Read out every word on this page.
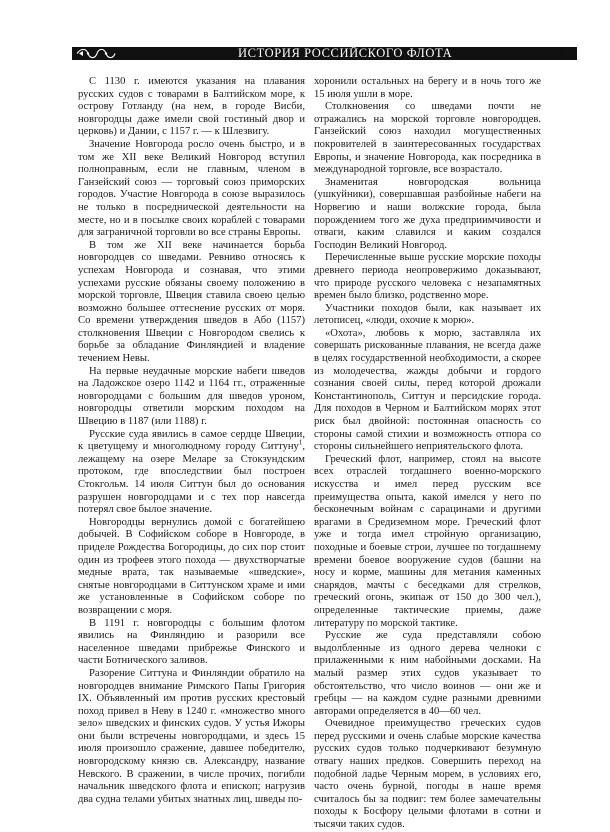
ИСТОРИЯ РОССИЙСКОГО ФЛОТА	10

С 1130 г. имеются указания на плавания русских судов с товарами в Балтийском море, к острову Готланду (на нем, в городе Висби, новгородцы даже имели свой гостиный двор и церковь) и Дании, с 1157 г. — к Шлезвигу.

Значение Новгорода росло очень быстро, и в том же XII веке Великий Новгород вступил полноправным, если не главным, членом в Ганзейский союз — торговый союз приморских городов. Участие Новгорода в союзе выразилось не только в посреднической деятельности на месте, но и в посылке своих кораблей с товарами для заграничной торговли во все страны Европы.

В том же XII веке начинается борьба новгородцев со шведами. Ревниво относясь к успехам Новгорода и сознавая, что этими успехами русские обязаны своему положению в морской торговле, Швеция ставила своею целью возможно большее оттеснение русских от моря. Со времени утверждения шведов в Або (1157) столкновения Швеции с Новгородом свелись к борьбе за обладание Финляндией и владение течением Невы.

На первые неудачные морские набеги шведов на Ладожское озеро 1142 и 1164 гг., отраженные новгородцами с большим для шведов уроном, новгородцы ответили морским походом на Швецию в 1187 (или 1188) г.

Русские суда явились в самое сердце Швеции, к цветущему и многолюдному городу Ситтуну$^1$, лежащему на озере Меларе за Стокзундским протоком, где впоследствии был построен Стокгольм. 14 июля Ситтун был до основания разрушен новгородцами и с тех пор навсегда потерял свое былое значение.

Новгородцы вернулись домой с богатейшею добычей. В Софийском соборе в Новгороде, в приделе Рождества Богородицы, до сих пор стоит один из трофеев этого похода — двухстворчатые медные врата, так называемые «шведские», снятые новгородцами в Ситтунском храме и ими же установленные в Софийском соборе по возвращении с моря.

В 1191 г. новгородцы с большим флотом явились на Финляндию и разорили все населенное шведами прибрежье Финского и части Ботнического заливов.

Разорение Ситтуна и Финляндии обратило на новгородцев внимание Римского Папы Григория IX. Объявленный им против русских крестовый поход привел в Неву в 1240 г. «множество много зело» шведских и финских судов. У устья Ижоры они были встречены новгородцами, и здесь 15 июля произошло сражение, давшее победителю, новгородскому князю св. Александру, название Невского. В сражении, в числе прочих, погибли начальник шведского флота и епископ; нагрузив два судна телами убитых знатных лиц, шведы по-

хоронили остальных на берегу и в ночь того же 15 июля ушли в море.

Столкновения со шведами почти не отражались на морской торговле новгородцев. Ганзейский союз находил могущественных покровителей в заинтересованных государствах Европы, и значение Новгорода, как посредника в международной торговле, все возрастало.

Знаменитая новгородская вольница (ушкуйники), совершавшая разбойные набеги на Норвегию и наши волжские города, была порождением того же духа предприимчивости и отваги, каким славился и каким создался Господин Великий Новгород.

Перечисленные выше русские морские походы древнего периода неопровержимо доказывают, что природе русского человека с незапамятных времен было близко, родственно море.

Участники походов были, как называет их летописец, «люди, охочие к морю».

«Охота», любовь к морю, заставляла их совершать рискованные плавания, не всегда даже в целях государственной необходимости, а скорее из молодечества, жажды добычи и гордого сознания своей силы, перед которой дрожали Константинополь, Ситтун и персидские города. Для походов в Черном и Балтийском морях этот риск был двойной: постоянная опасность со стороны самой стихии и возможность отпора со стороны сильнейшего неприятельского флота.

Греческий флот, например, стоял на высоте всех отраслей тогдашнего военно-морского искусства и имел перед русским все преимущества опыта, какой имелся у него по бесконечным войнам с сарацинами и другими врагами в Средиземном море. Греческий флот уже и тогда имел стройную организацию, походные и боевые строи, лучшее по тогдашнему времени боевое вооружение судов (башни на носу и корме, машины для метания каменных снарядов, мачты с беседками для стрелков, греческий огонь, экипаж от 150 до 300 чел.), определенные тактические приемы, даже литературу по морской тактике.

Русские же суда представляли собою выдолбленные из одного дерева челноки с прилаженными к ним набойными досками. На малый размер этих судов указывает то обстоятельство, что число воинов — они же и гребцы — на каждом судне разными древними авторами определяется в 40—60 чел.

Очевидное преимущество греческих судов перед русскими и очень слабые морские качества русских судов только подчеркивают безумную отвагу наших предков. Совершить переход на подобной ладье Черным морем, в условиях его, часто очень бурной, погоды в наше время считалось бы за подвиг: тем более замечательны походы к Босфору целыми флотами в сотни и тысячи таких судов.
